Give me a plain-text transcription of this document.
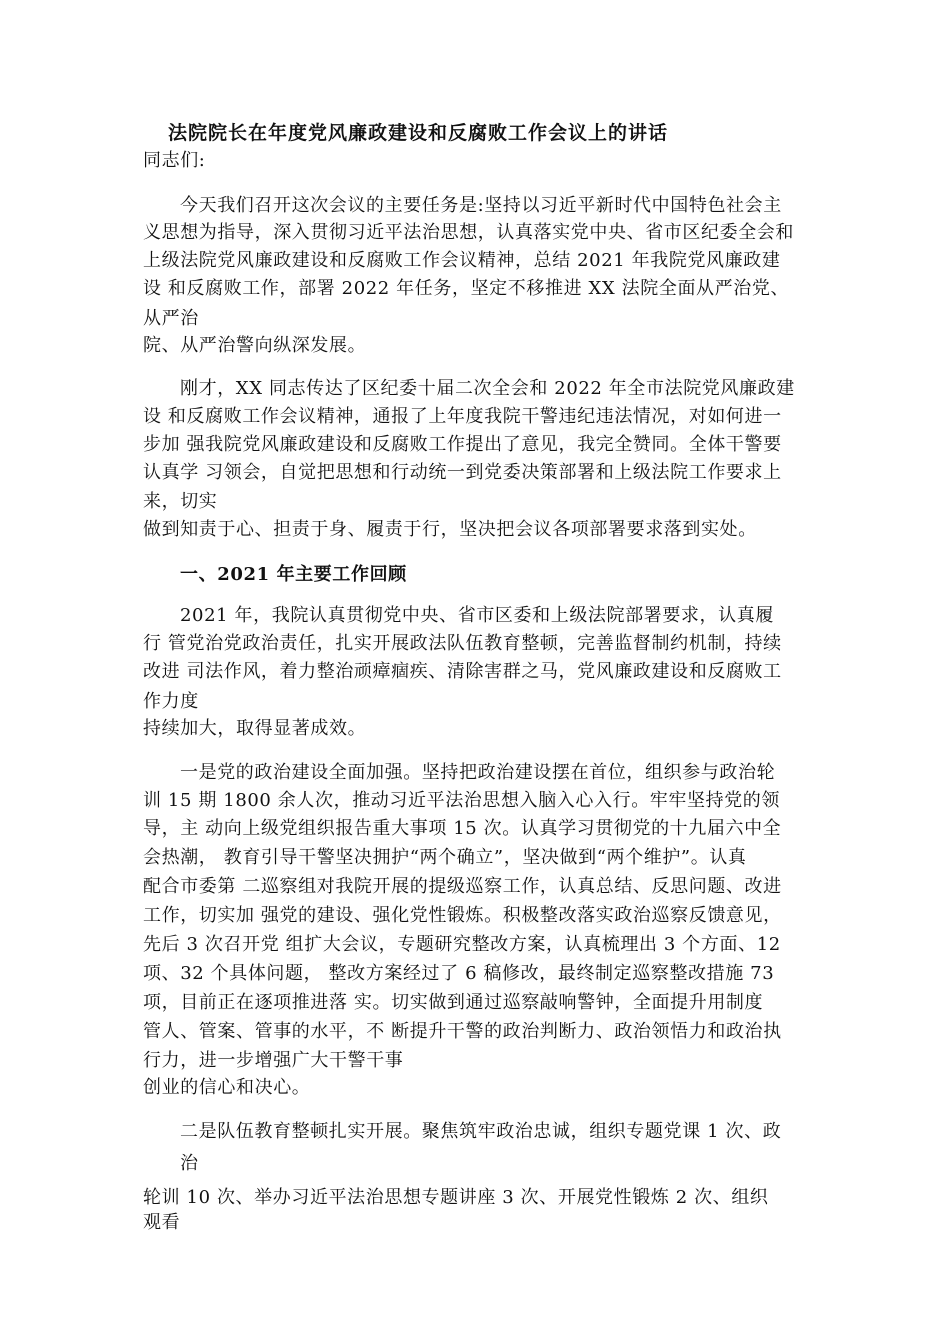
法院院长在年度党风廉政建设和反腐败工作会议上的讲话
同志们:
今天我们召开这次会议的主要任务是:坚持以习近平新时代中国特色社会主
义思想为指导，深入贯彻习近平法治思想，认真落实党中央、省市区纪委全会和
上级法院党风廉政建设和反腐败工作会议精神，总结 2021 年我院党风廉政建
设 和反腐败工作，部署 2022 年任务，坚定不移推进 XX 法院全面从严治党、
从严治
院、从严治警向纵深发展。
刚才，XX 同志传达了区纪委十届二次全会和 2022 年全市法院党风廉政建
设 和反腐败工作会议精神，通报了上年度我院干警违纪违法情况，对如何进一
步加 强我院党风廉政建设和反腐败工作提出了意见，我完全赞同。全体干警要
认真学 习领会，自觉把思想和行动统一到党委决策部署和上级法院工作要求上
来，切实
做到知责于心、担责于身、履责于行，坚决把会议各项部署要求落到实处。
一、2021 年主要工作回顾
2021 年，我院认真贯彻党中央、省市区委和上级法院部署要求，认真履
行 管党治党政治责任，扎实开展政法队伍教育整顿，完善监督制约机制，持续
改进 司法作风，着力整治顽瘴痼疾、清除害群之马，党风廉政建设和反腐败工
作力度
持续加大，取得显著成效。
一是党的政治建设全面加强。坚持把政治建设摆在首位，组织参与政治轮
训 15 期 1800 余人次，推动习近平法治思想入脑入心入行。牢牢坚持党的领
导，主 动向上级党组织报告重大事项 15 次。认真学习贯彻党的十九届六中全
会热潮， 教育引导干警坚决拥护“两个确立”，坚决做到“两个维护”。认真
配合市委第 二巡察组对我院开展的提级巡察工作，认真总结、反思问题、改进
工作，切实加 强党的建设、强化党性锻炼。积极整改落实政治巡察反馈意见，
先后 3 次召开党 组扩大会议，专题研究整改方案，认真梳理出 3 个方面、12
项、32 个具体问题， 整改方案经过了 6 稿修改，最终制定巡察整改措施 73
项，目前正在逐项推进落 实。切实做到通过巡察敲响警钟，全面提升用制度
管人、管案、管事的水平，不 断提升干警的政治判断力、政治领悟力和政治执
行力，进一步增强广大干警干事
创业的信心和决心。
二是队伍教育整顿扎实开展。聚焦筑牢政治忠诚，组织专题党课 1 次、政
治
轮训 10 次、举办习近平法治思想专题讲座 3 次、开展党性锻炼 2 次、组织
观看
